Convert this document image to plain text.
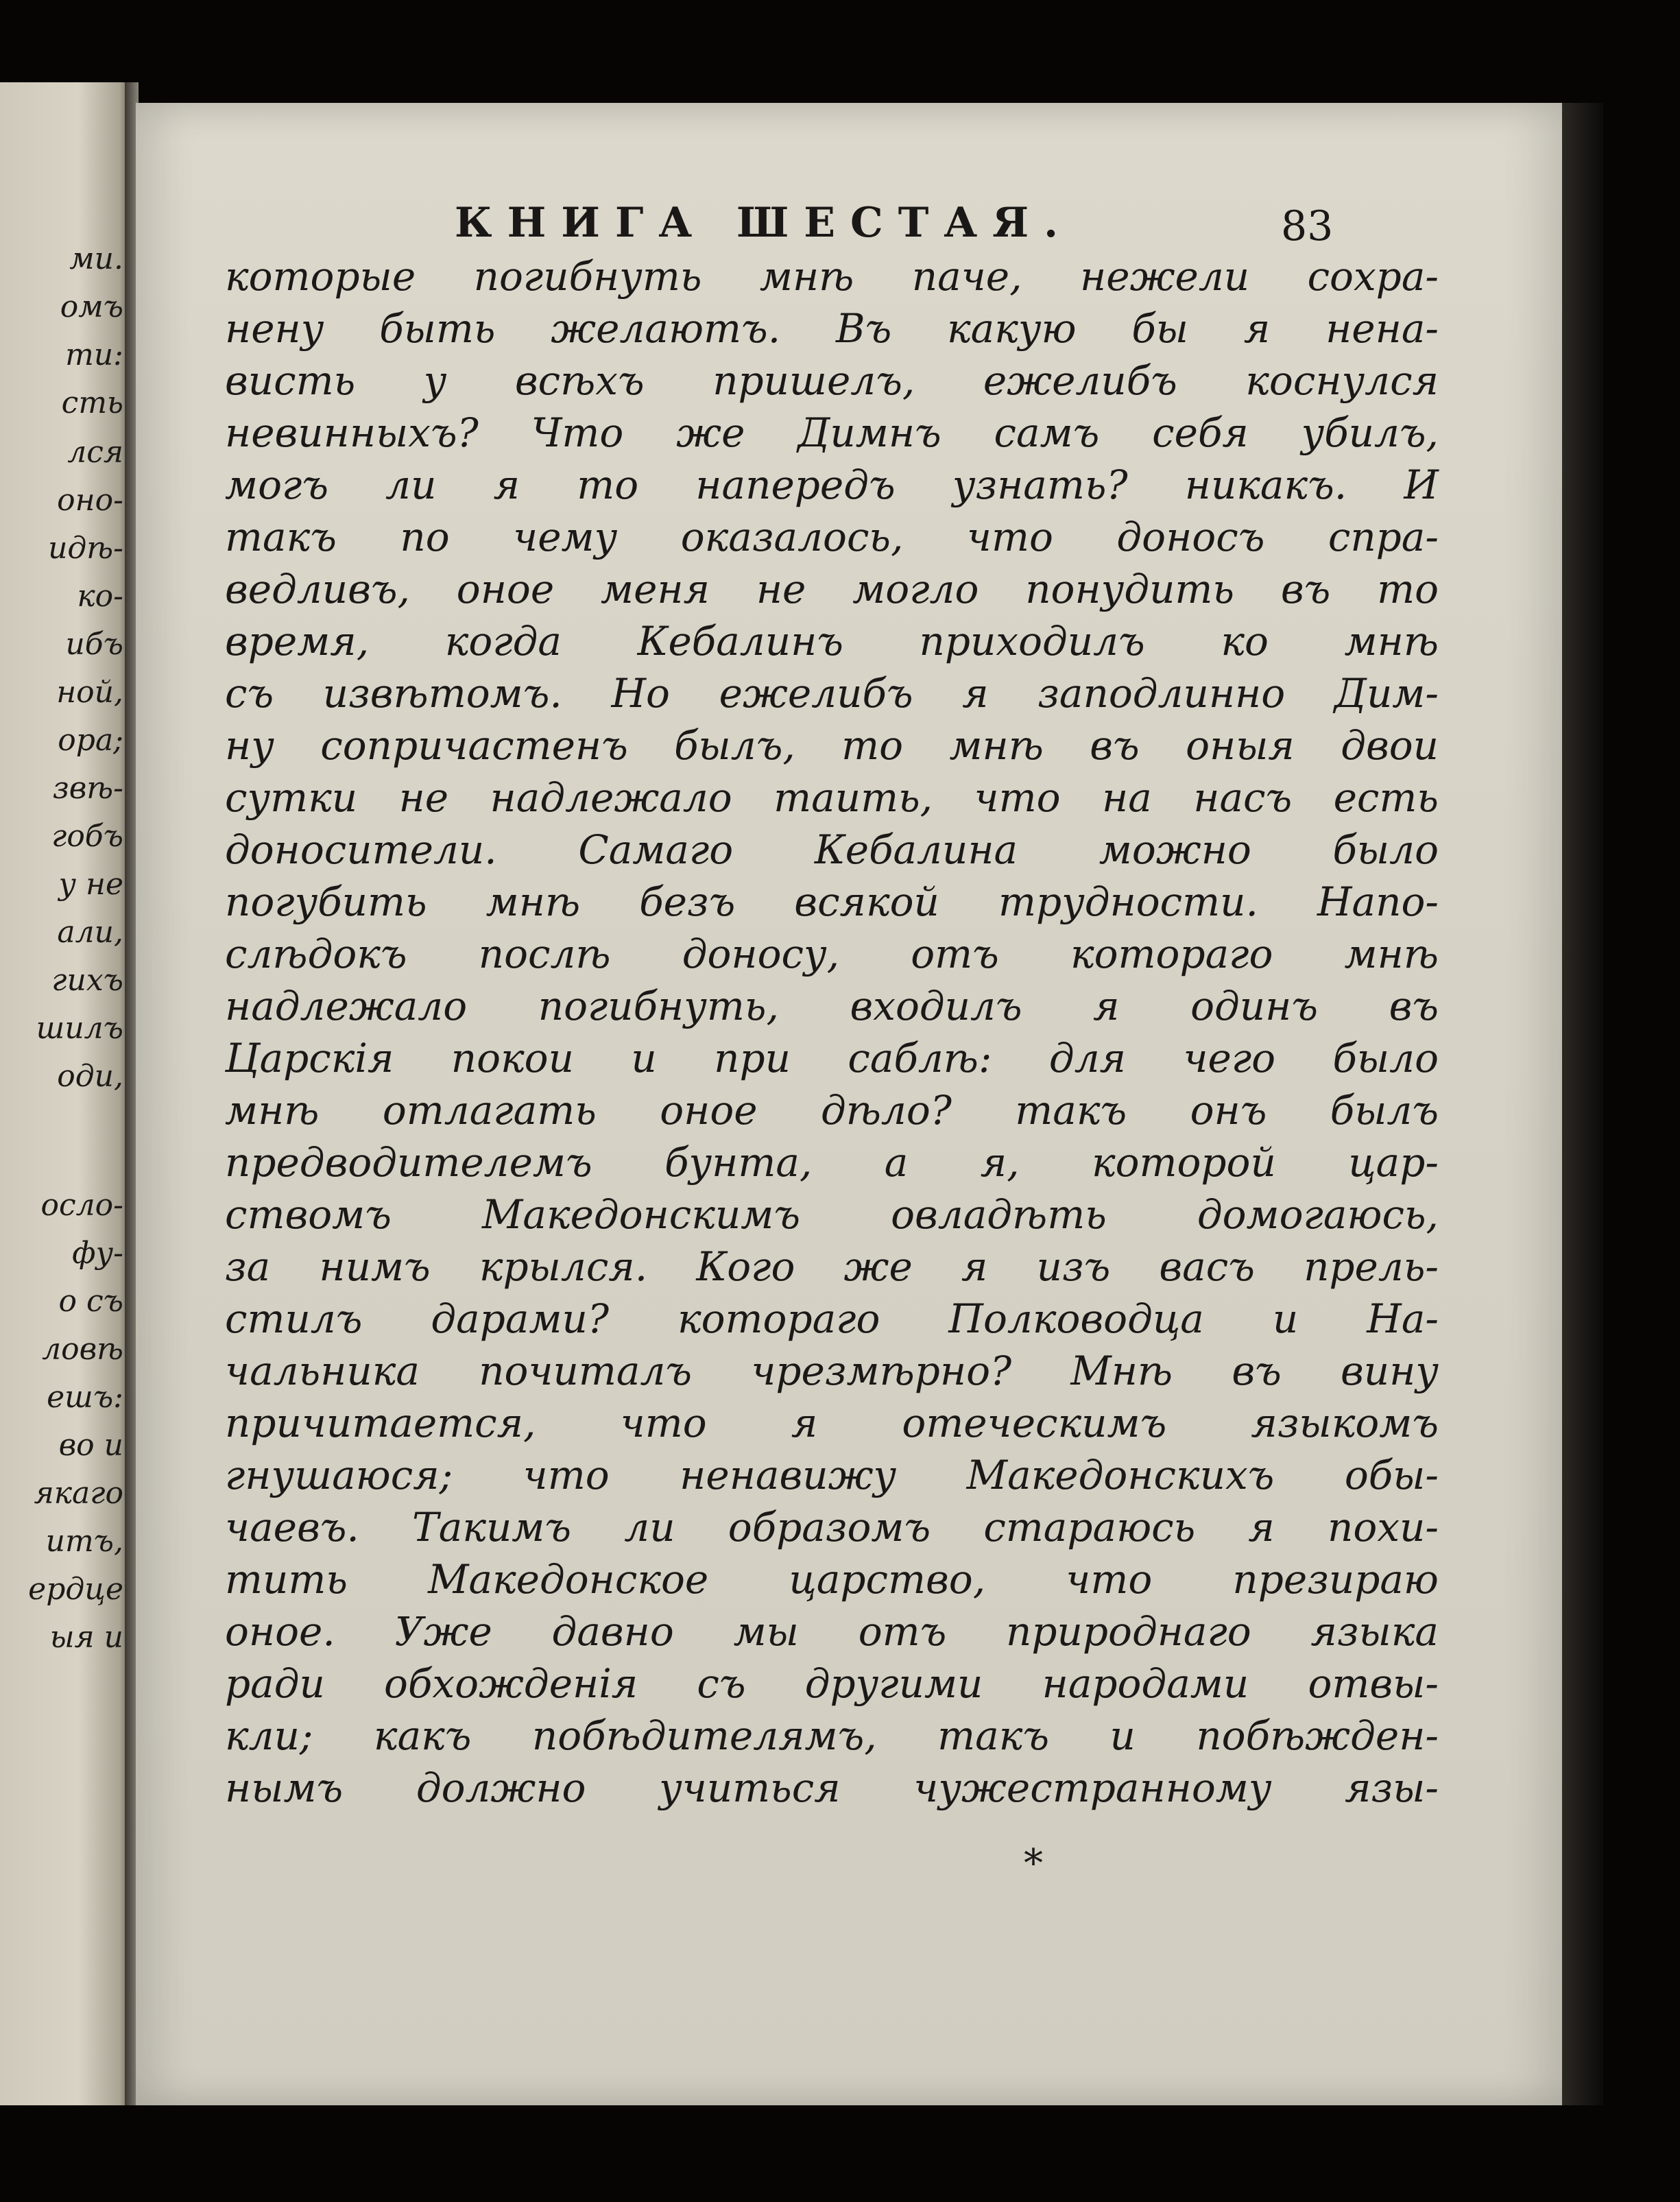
ми.
омъ
ти:
сть
лся
оно-
идѣ-
ко-
ибъ
ной,
ора;
звѣ-
гобъ
у не
али,
гихъ
шилъ
оди,
осло-
фу-
о съ
ловѣ
ешъ:
во и
якаго
итъ,
ердце
ыя и
КНИГА ШЕСТАЯ.	83
которые погибнуть мнѣ паче, нежели сохра-
нену быть желаютъ. Въ какую бы я нена-
висть у всѣхъ пришелъ, ежелибъ коснулся
невинныхъ? Что же Димнъ самъ себя убилъ,
могъ ли я то напередъ узнать? никакъ. И
такъ по чему оказалось, что доносъ спра-
ведливъ, оное меня не могло понудить въ то
время, когда Кебалинъ приходилъ ко мнѣ
съ извѣтомъ. Но ежелибъ я заподлинно Дим-
ну сопричастенъ былъ, то мнѣ въ оныя двои
сутки не надлежало таить, что на насъ есть
доносители. Самаго Кебалина можно было
погубить мнѣ безъ всякой трудности. Напо-
слѣдокъ послѣ доносу, отъ котораго мнѣ
надлежало погибнуть, входилъ я одинъ въ
Царскія покои и при саблѣ: для чего было
мнѣ отлагать оное дѣло? такъ онъ былъ
предводителемъ бунта, а я, которой цар-
ствомъ Македонскимъ овладѣть домогаюсь,
за нимъ крылся. Кого же я изъ васъ прель-
стилъ дарами? котораго Полководца и На-
чальника почиталъ чрезмѣрно? Мнѣ въ вину
причитается, что я отеческимъ языкомъ
гнушаюся; что ненавижу Македонскихъ обы-
чаевъ. Такимъ ли образомъ стараюсь я похи-
тить Македонское царство, что презираю
оное. Уже давно мы отъ природнаго языка
ради обхожденія съ другими народами отвы-
кли; какъ побѣдителямъ, такъ и побѣжден-
нымъ должно учиться чужестранному язы-
*
